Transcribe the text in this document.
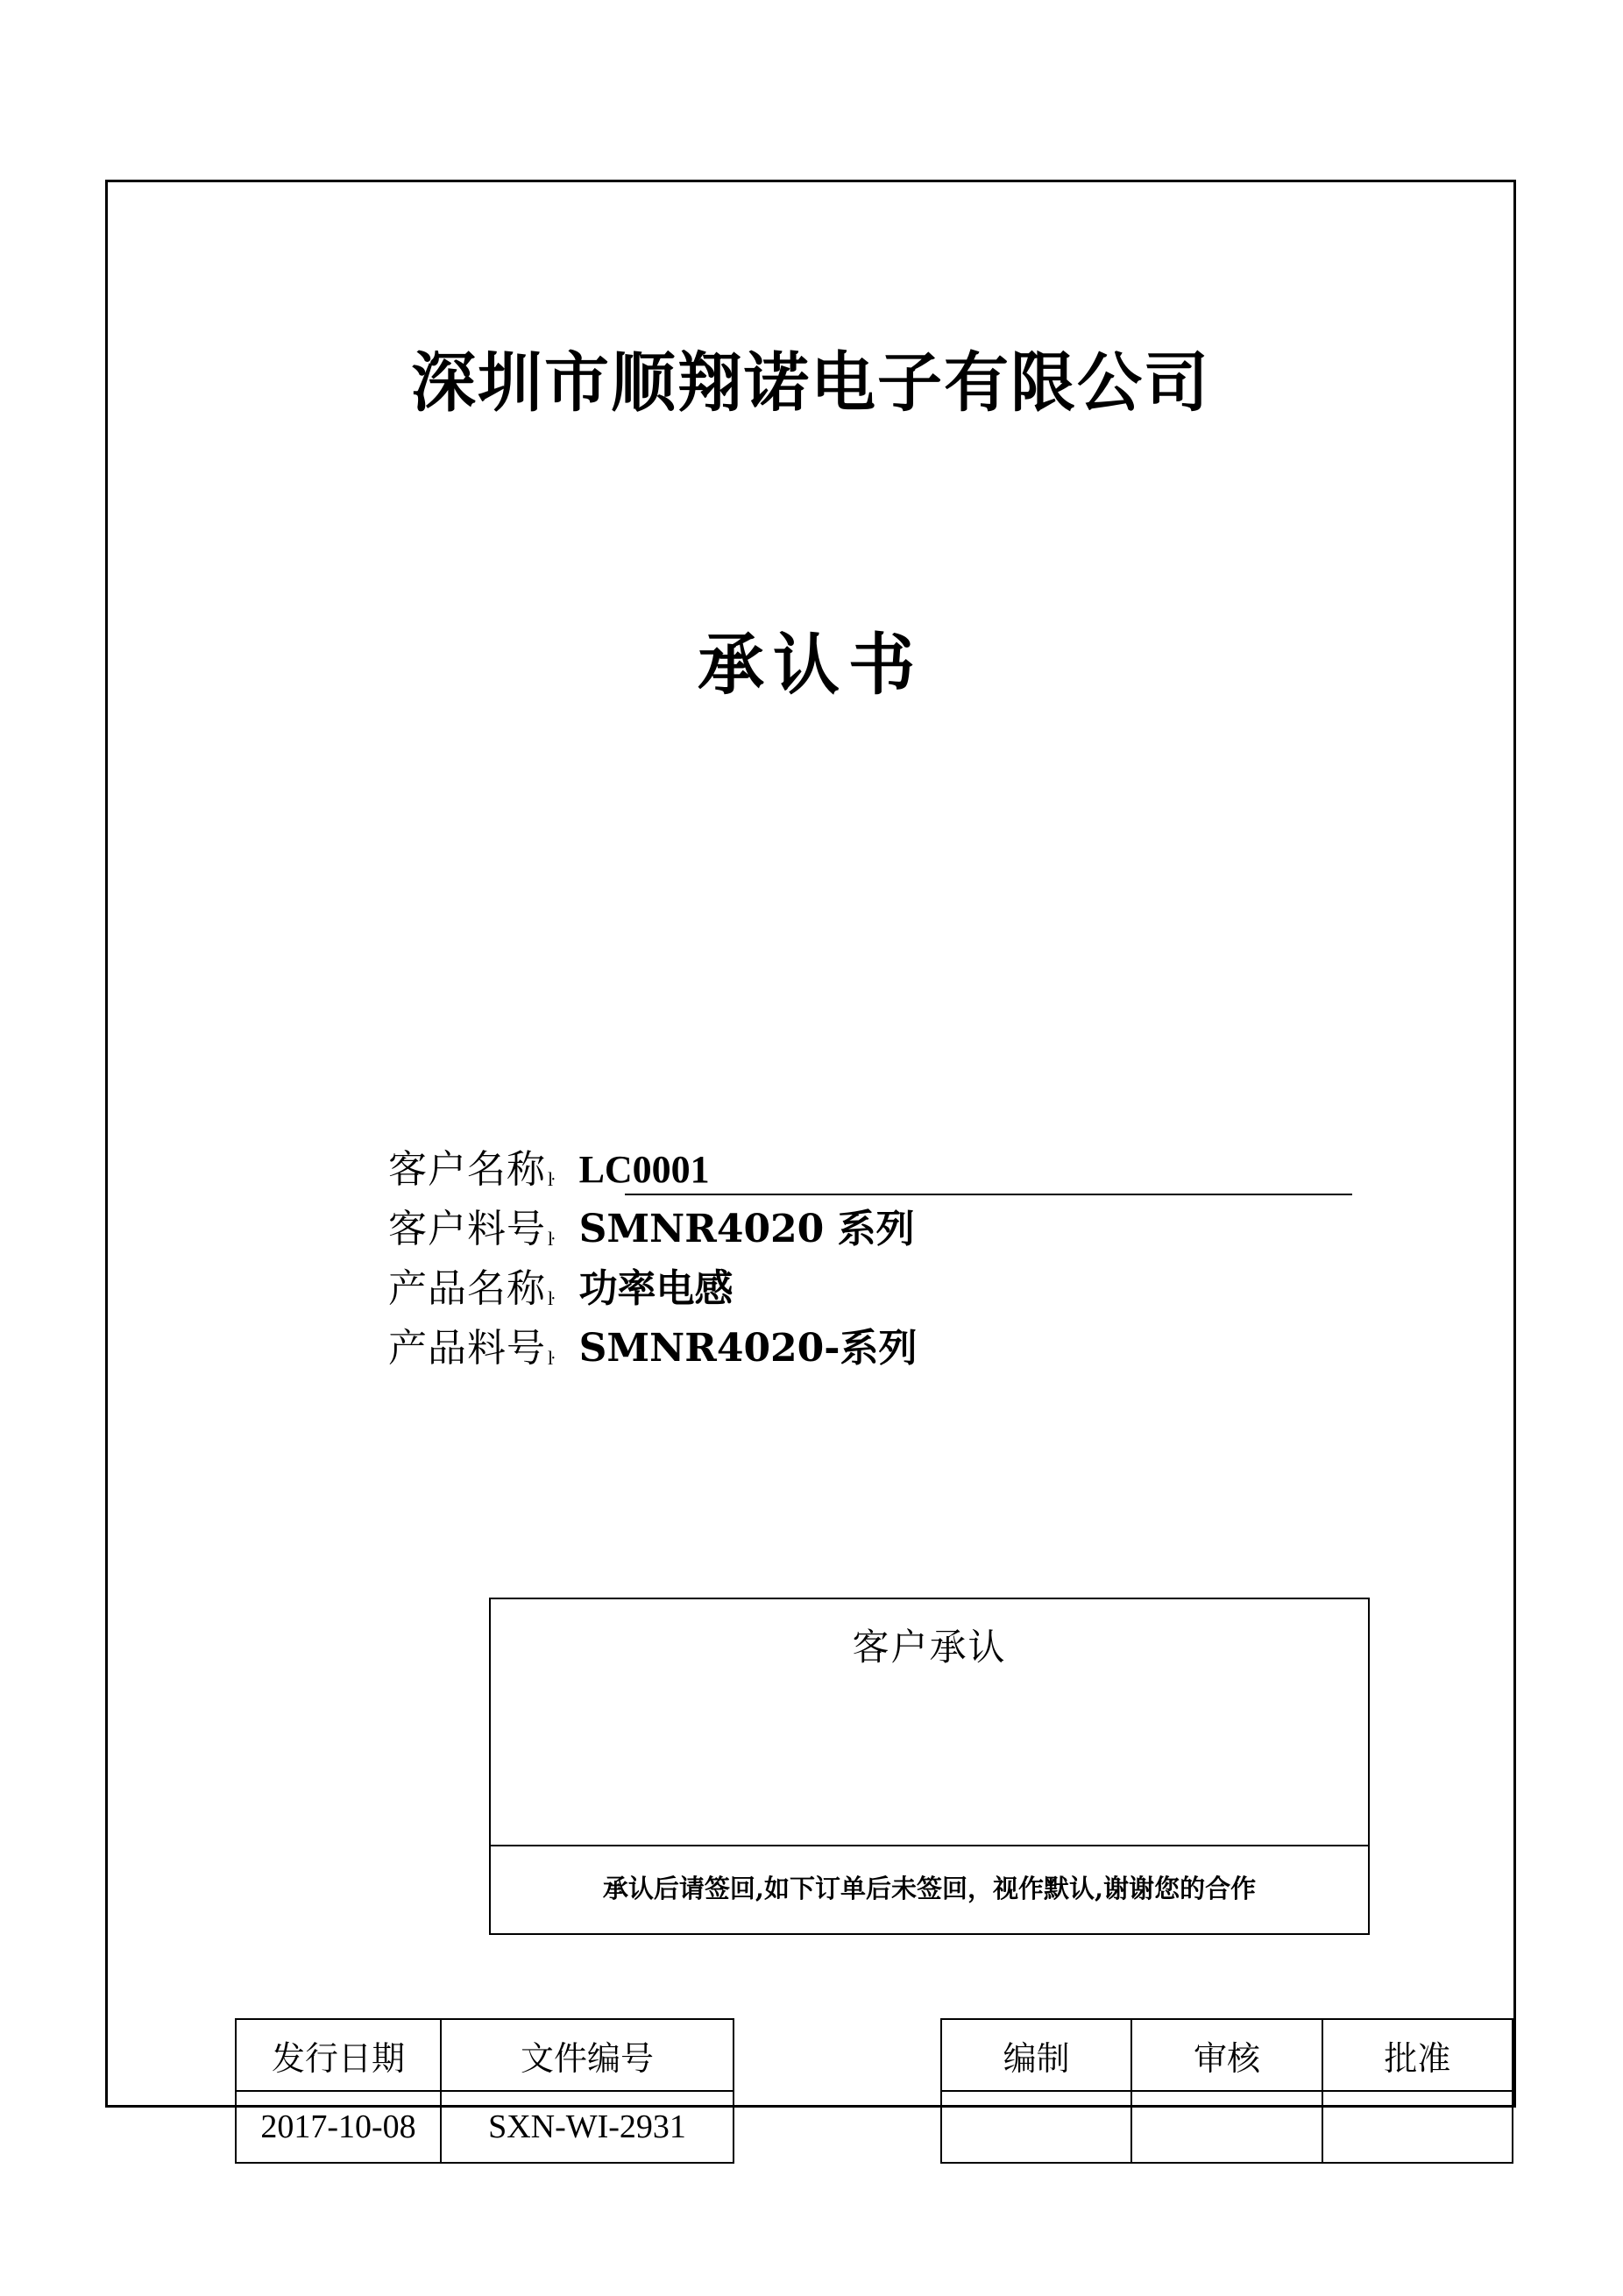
深圳市顺翔诺电子有限公司
承认书
客户名称 ŀ LC0001
客户料号 ŀ SMNR4020 系列
产品名称 ŀ 功率电感
产品料号 ŀ SMNR4020-系列
客户承认
承认后请签回,如下订单后未签回，视作默认,谢谢您的合作
发行日期	文件编号
2017-10-08	SXN-WI-2931
编制	审核	批准
